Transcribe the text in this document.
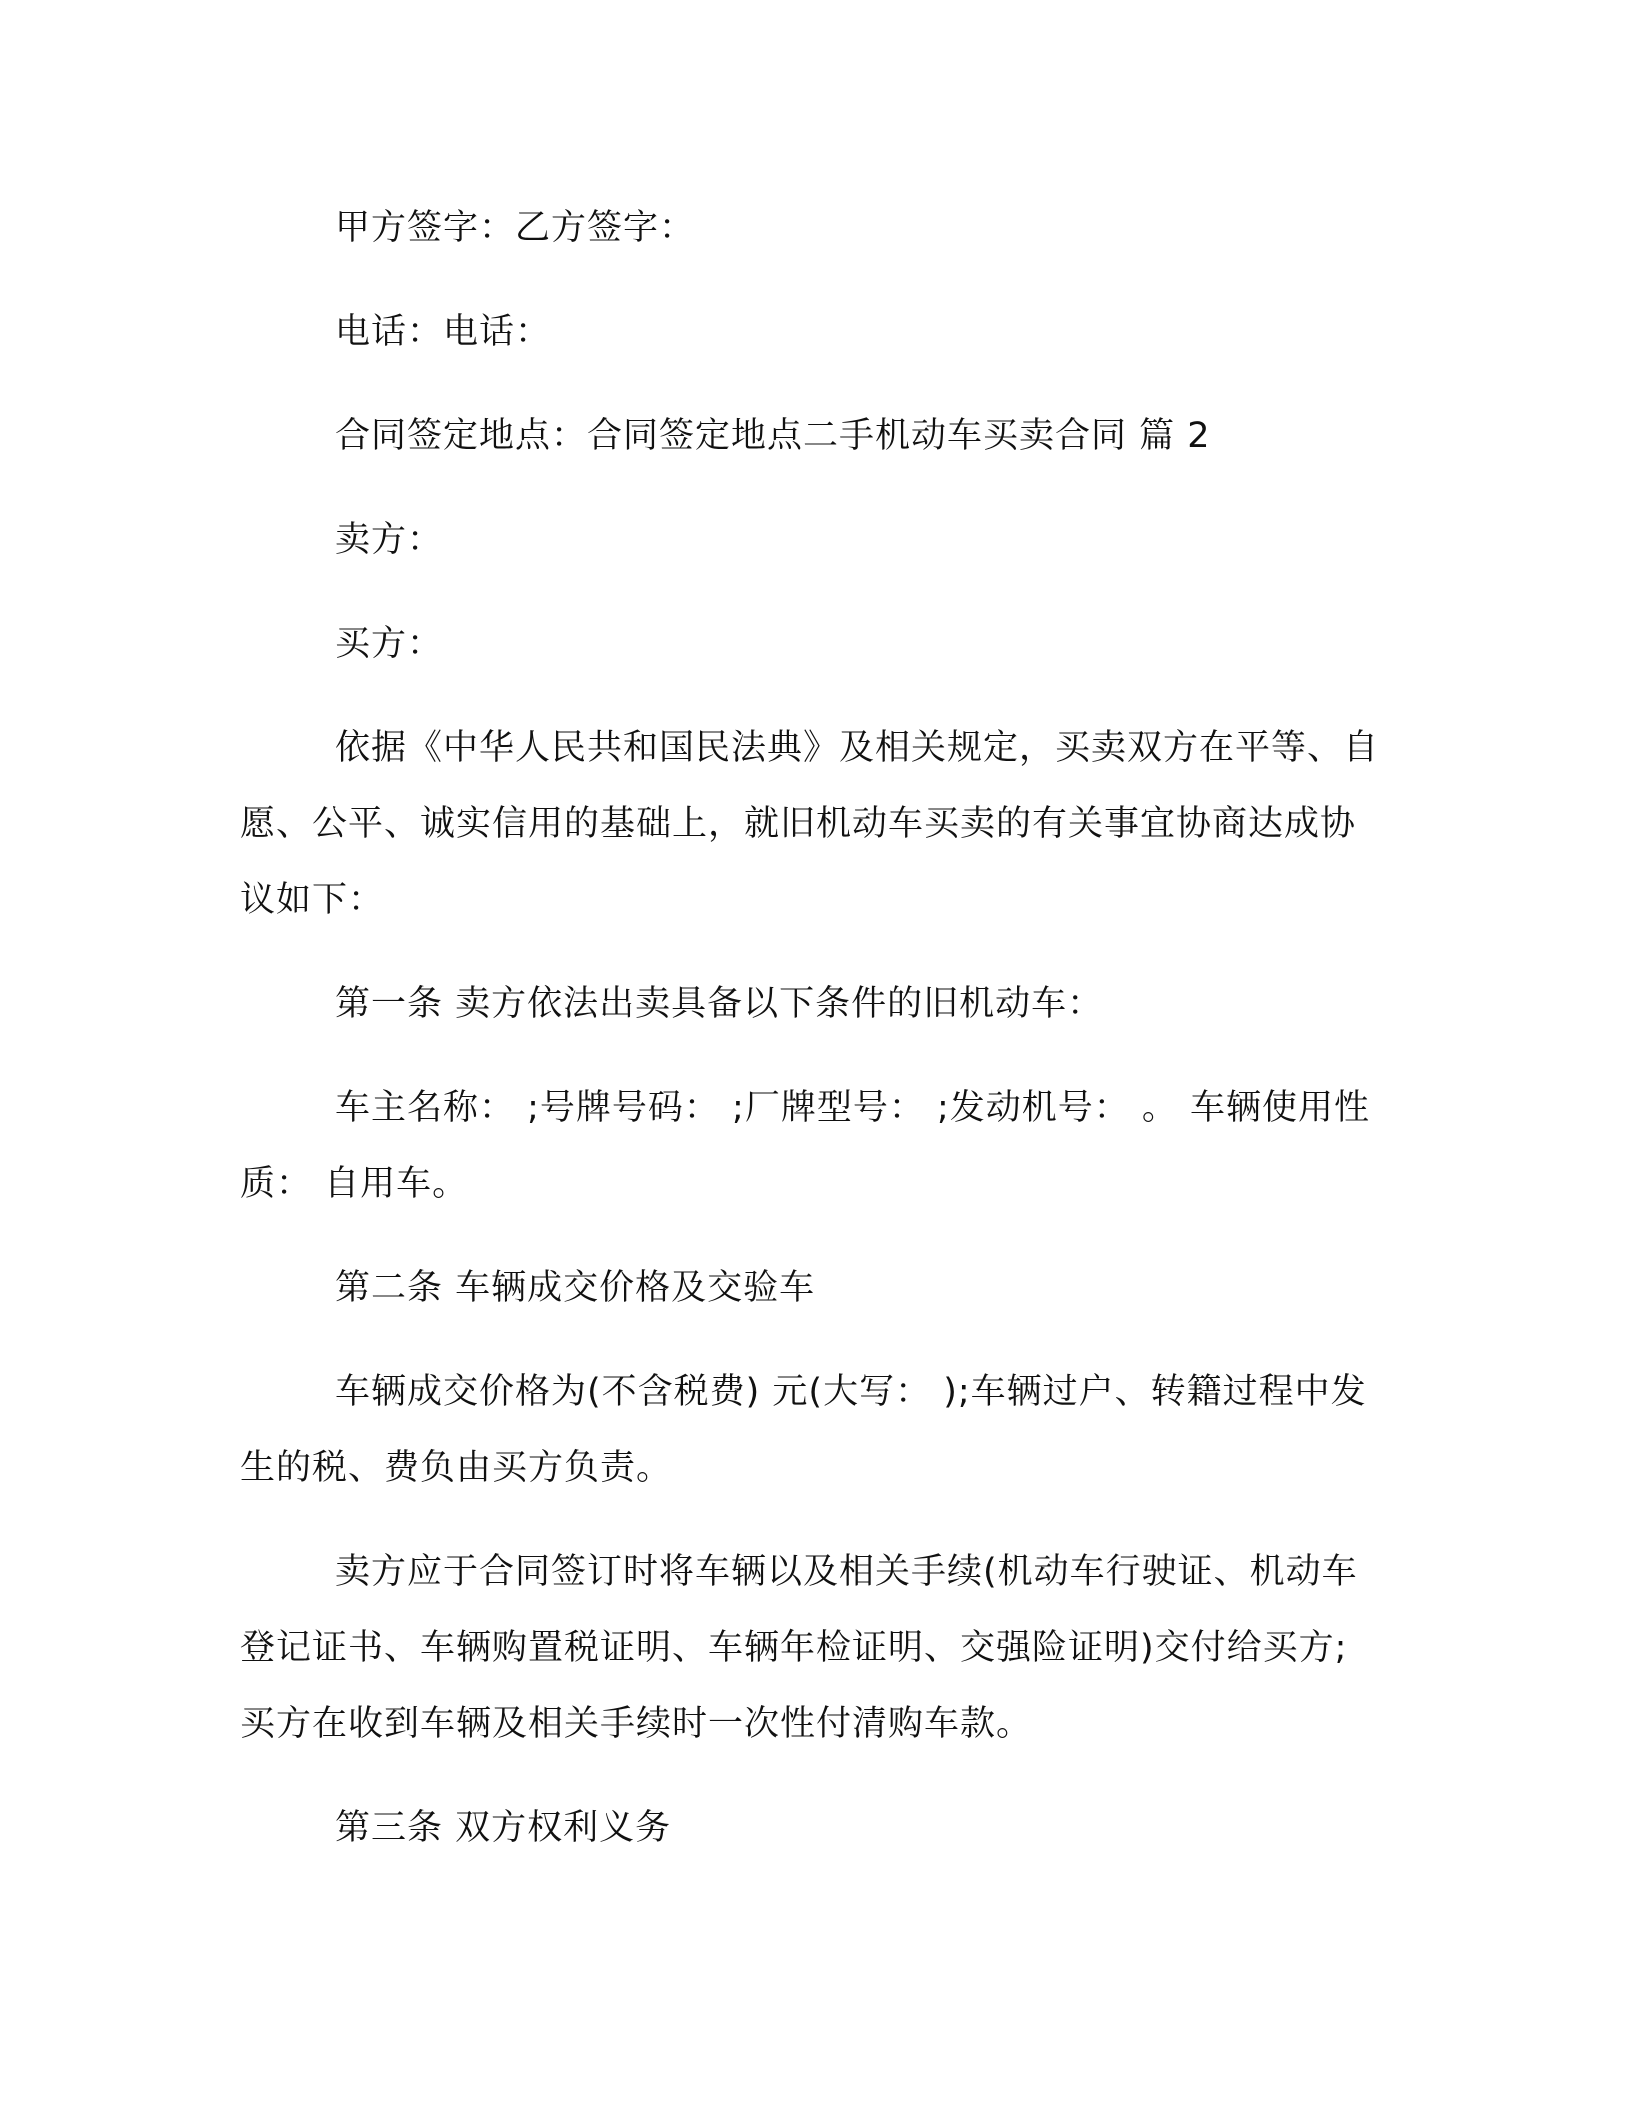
甲方签字：乙方签字：

电话：电话：

合同签定地点：合同签定地点二手机动车买卖合同 篇 2

卖方：

买方：

依据《中华人民共和国民法典》及相关规定，买卖双方在平等、自愿、公平、诚实信用的基础上，就旧机动车买卖的有关事宜协商达成协议如下：

第一条 卖方依法出卖具备以下条件的旧机动车：

车主名称： ;号牌号码： ;厂牌型号： ;发动机号： 。 车辆使用性质： 自用车。

第二条 车辆成交价格及交验车

车辆成交价格为(不含税费) 元(大写： );车辆过户、转籍过程中发生的税、费负由买方负责。

卖方应于合同签订时将车辆以及相关手续(机动车行驶证、机动车登记证书、车辆购置税证明、车辆年检证明、交强险证明)交付给买方;买方在收到车辆及相关手续时一次性付清购车款。

第三条 双方权利义务
